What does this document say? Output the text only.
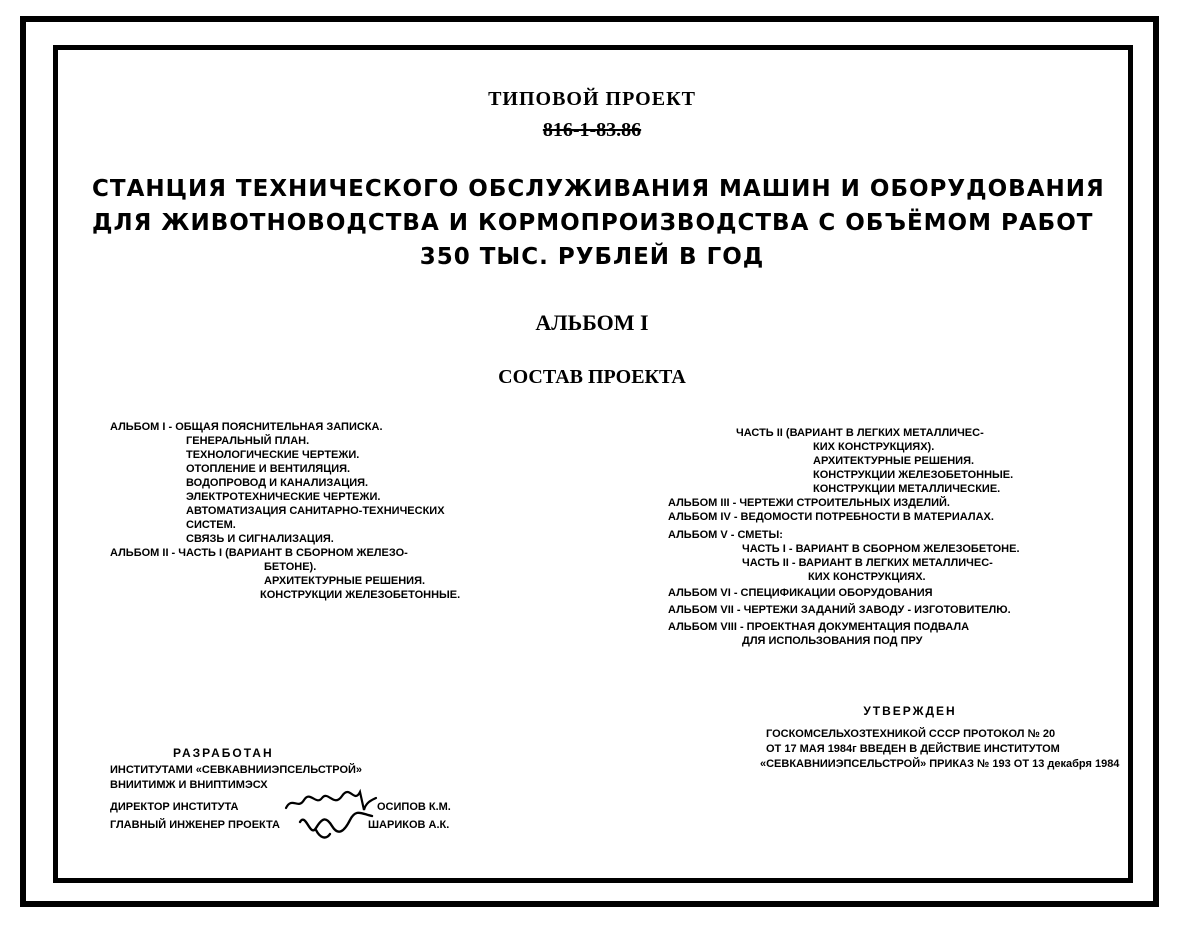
ТИПОВОЙ ПРОЕКТ
816-1-83.86
СТАНЦИЯ ТЕХНИЧЕСКОГО ОБСЛУЖИВАНИЯ МАШИН И ОБОРУДОВАНИЯ
ДЛЯ ЖИВОТНОВОДСТВА И КОРМОПРОИЗВОДСТВА С ОБЪЁМОМ РАБОТ
350 ТЫС. РУБЛЕЙ В ГОД
АЛЬБОМ I
СОСТАВ ПРОЕКТА
АЛЬБОМ I - ОБЩАЯ ПОЯСНИТЕЛЬНАЯ ЗАПИСКА.
ГЕНЕРАЛЬНЫЙ ПЛАН.
ТЕХНОЛОГИЧЕСКИЕ ЧЕРТЕЖИ.
ОТОПЛЕНИЕ И ВЕНТИЛЯЦИЯ.
ВОДОПРОВОД И КАНАЛИЗАЦИЯ.
ЭЛЕКТРОТЕХНИЧЕСКИЕ ЧЕРТЕЖИ.
АВТОМАТИЗАЦИЯ САНИТАРНО-ТЕХНИЧЕСКИХ
СИСТЕМ.
СВЯЗЬ И СИГНАЛИЗАЦИЯ.
АЛЬБОМ II - ЧАСТЬ I (ВАРИАНТ В СБОРНОМ ЖЕЛЕЗО-
БЕТОНЕ).
АРХИТЕКТУРНЫЕ РЕШЕНИЯ.
КОНСТРУКЦИИ ЖЕЛЕЗОБЕТОННЫЕ.
ЧАСТЬ II (ВАРИАНТ В ЛЕГКИХ МЕТАЛЛИЧЕС-
КИХ КОНСТРУКЦИЯХ).
АРХИТЕКТУРНЫЕ РЕШЕНИЯ.
КОНСТРУКЦИИ ЖЕЛЕЗОБЕТОННЫЕ.
КОНСТРУКЦИИ МЕТАЛЛИЧЕСКИЕ.
АЛЬБОМ III - ЧЕРТЕЖИ СТРОИТЕЛЬНЫХ ИЗДЕЛИЙ.
АЛЬБОМ IV - ВЕДОМОСТИ ПОТРЕБНОСТИ В МАТЕРИАЛАХ.
АЛЬБОМ V - СМЕТЫ:
ЧАСТЬ I - ВАРИАНТ В СБОРНОМ ЖЕЛЕЗОБЕТОНЕ.
ЧАСТЬ II - ВАРИАНТ В ЛЕГКИХ МЕТАЛЛИЧЕС-
КИХ КОНСТРУКЦИЯХ.
АЛЬБОМ VI - СПЕЦИФИКАЦИИ ОБОРУДОВАНИЯ
АЛЬБОМ VII - ЧЕРТЕЖИ ЗАДАНИЙ ЗАВОДУ - ИЗГОТОВИТЕЛЮ.
АЛЬБОМ VIII - ПРОЕКТНАЯ ДОКУМЕНТАЦИЯ ПОДВАЛА
ДЛЯ ИСПОЛЬЗОВАНИЯ ПОД ПРУ
УТВЕРЖДЕН
ГОСКОМСЕЛЬХОЗТЕХНИКОЙ СССР ПРОТОКОЛ № 20
ОТ 17 МАЯ 1984г ВВЕДЕН В ДЕЙСТВИЕ ИНСТИТУТОМ
«СЕВКАВНИИЭПСЕЛЬСТРОЙ» ПРИКАЗ № 193 ОТ 13 декабря 1984
РАЗРАБОТАН
ИНСТИТУТАМИ «СЕВКАВНИИЭПСЕЛЬСТРОЙ»
ВНИИТИМЖ И ВНИПТИМЭСХ
ДИРЕКТОР ИНСТИТУТА	ОСИПОВ К.М.
ГЛАВНЫЙ ИНЖЕНЕР ПРОЕКТА	ШАРИКОВ А.К.
